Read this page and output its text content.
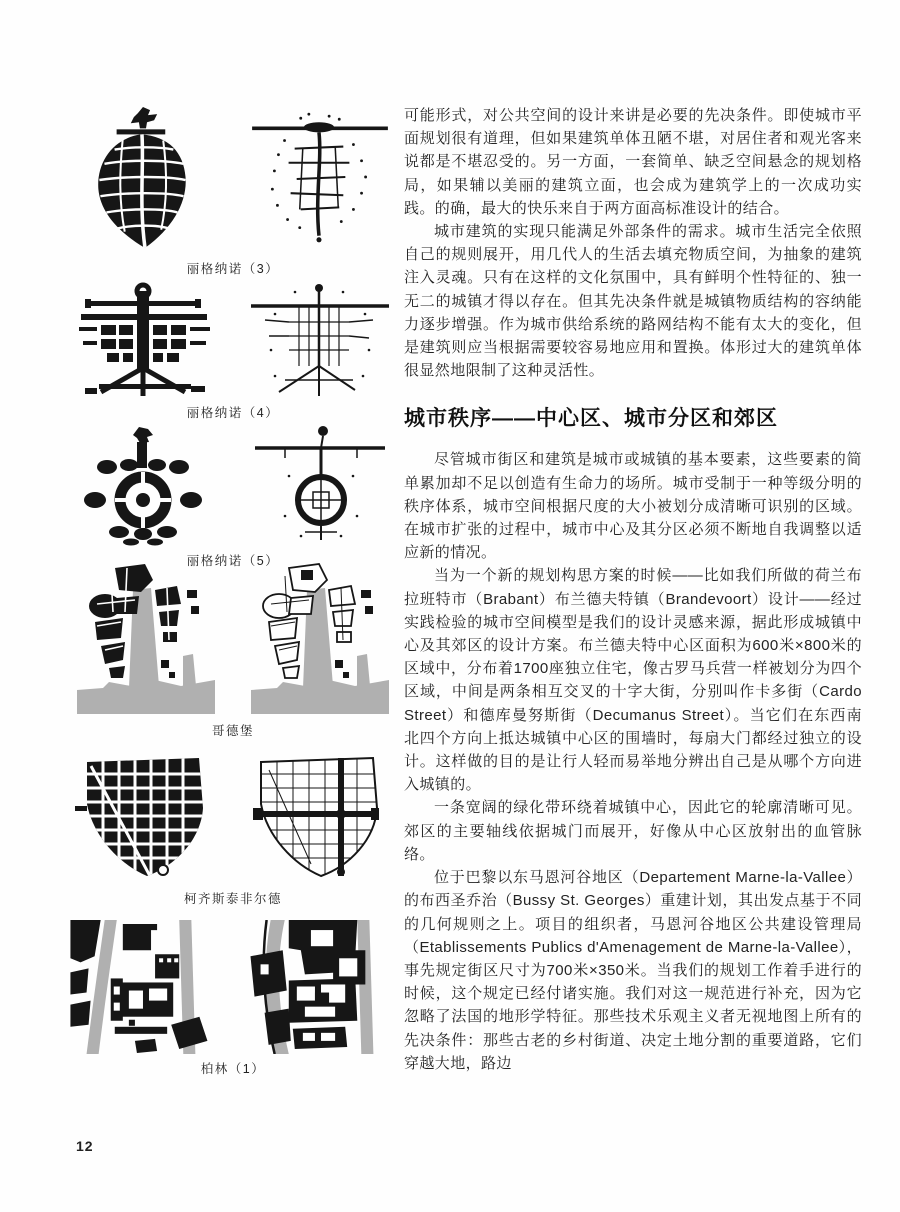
丽格纳诺（3）
丽格纳诺（4）
丽格纳诺（5）
哥德堡
柯齐斯泰非尔德
柏林（1）

可能形式，对公共空间的设计来讲是必要的先决条件。即使城市平面规划很有道理，但如果建筑单体丑陋不堪，对居住者和观光客来说都是不堪忍受的。另一方面，一套简单、缺乏空间悬念的规划格局，如果辅以美丽的建筑立面，也会成为建筑学上的一次成功实践。的确，最大的快乐来自于两方面高标准设计的结合。

城市建筑的实现只能满足外部条件的需求。城市生活完全依照自己的规则展开，用几代人的生活去填充物质空间，为抽象的建筑注入灵魂。只有在这样的文化氛围中，具有鲜明个性特征的、独一无二的城镇才得以存在。但其先决条件就是城镇物质结构的容纳能力逐步增强。作为城市供给系统的路网结构不能有太大的变化，但是建筑则应当根据需要较容易地应用和置换。体形过大的建筑单体很显然地限制了这种灵活性。

城市秩序——中心区、城市分区和郊区

尽管城市街区和建筑是城市或城镇的基本要素，这些要素的简单累加却不足以创造有生命力的场所。城市受制于一种等级分明的秩序体系，城市空间根据尺度的大小被划分成清晰可识别的区域。在城市扩张的过程中，城市中心及其分区必须不断地自我调整以适应新的情况。

当为一个新的规划构思方案的时候——比如我们所做的荷兰布拉班特市（Brabant）布兰德夫特镇（Brandevoort）设计——经过实践检验的城市空间模型是我们的设计灵感来源，据此形成城镇中心及其郊区的设计方案。布兰德夫特中心区面积为600米×800米的区域中，分布着1700座独立住宅，像古罗马兵营一样被划分为四个区域，中间是两条相互交叉的十字大街，分别叫作卡多街（Cardo Street）和德库曼努斯街（Decumanus Street）。当它们在东西南北四个方向上抵达城镇中心区的围墙时，每扇大门都经过独立的设计。这样做的目的是让行人轻而易举地分辨出自己是从哪个方向进入城镇的。

一条宽阔的绿化带环绕着城镇中心，因此它的轮廓清晰可见。郊区的主要轴线依据城门而展开，好像从中心区放射出的血管脉络。

位于巴黎以东马恩河谷地区（Departement Marne-la-Vallee）的布西圣乔治（Bussy St. Georges）重建计划，其出发点基于不同的几何规则之上。项目的组织者，马恩河谷地区公共建设管理局（Etablissements Publics d'Amenagement de Marne-la-Vallee），事先规定街区尺寸为700米×350米。当我们的规划工作着手进行的时候，这个规定已经付诸实施。我们对这一规范进行补充，因为它忽略了法国的地形学特征。那些技术乐观主义者无视地图上所有的先决条件：那些古老的乡村街道、决定土地分割的重要道路，它们穿越大地，路边

12
